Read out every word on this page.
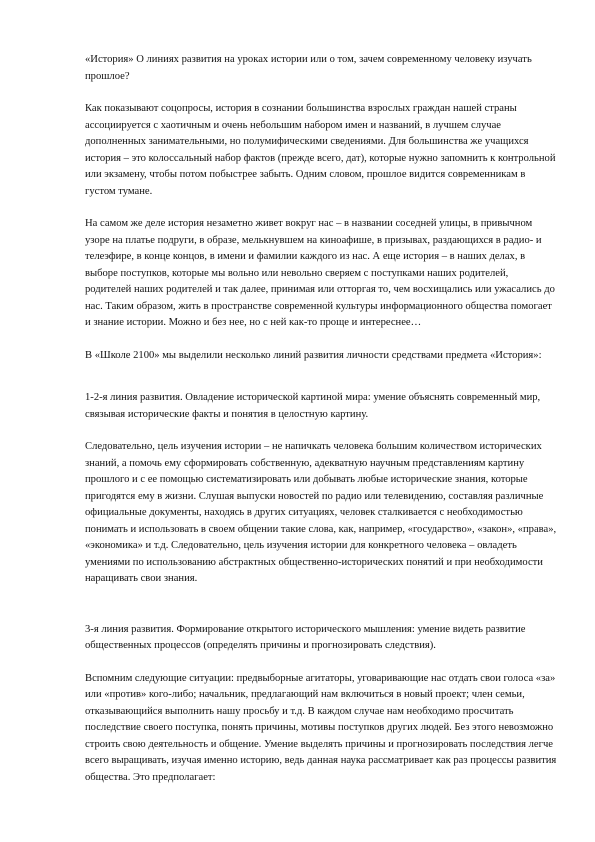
«История» О линиях развития на уроках истории или о том, зачем современному человеку изучать прошлое?

Как показывают соцопросы, история в сознании большинства взрослых граждан нашей страны ассоциируется с хаотичным и очень небольшим набором имен и названий, в лучшем случае дополненных занимательными, но полумифическими сведениями. Для большинства же учащихся история – это колоссальный набор фактов (прежде всего, дат), которые нужно запомнить к контрольной или экзамену, чтобы потом побыстрее забыть. Одним словом, прошлое видится современникам в густом тумане.

На самом же деле история незаметно живет вокруг нас – в названии соседней улицы, в привычном узоре на платье подруги, в образе, мелькнувшем на кинoафише, в призывах, раздающихся в радио- и телеэфире, в конце концов, в имени и фамилии каждого из нас. А еще история – в наших делах, в выборе поступков, которые мы вольно или невольно сверяем с поступками наших родителей, родителей наших родителей и так далее, принимая или отторгая то, чем восхищались или ужасались до нас. Таким образом, жить в пространстве современной культуры информационного общества помогает и знание истории. Можно и без нее, но с ней как-то проще и интереснее…

В «Школе 2100» мы выделили несколько линий развития личности средствами предмета «История»:

1-2-я линия развития. Овладение исторической картиной мира: умение объяснять современный мир, связывая исторические факты и понятия в целостную картину.

Следовательно, цель изучения истории – не напичкать человека большим количеством исторических знаний, а помочь ему сформировать собственную, адекватную научным представлениям картину прошлого и с ее помощью систематизировать или добывать любые исторические знания, которые пригодятся ему в жизни. Слушая выпуски новостей по радио или телевидению, составляя различные официальные документы, находясь в других ситуациях, человек сталкивается с необходимостью понимать и использовать в своем общении такие слова, как, например, «государство», «закон», «права», «экономика» и т.д. Следовательно, цель изучения истории для конкретного человека – овладеть умениями по использованию абстрактных общественно-исторических понятий и при необходимости наращивать свои знания.

3-я линия развития. Формирование открытого исторического мышления: умение видеть развитие общественных процессов (определять причины и прогнозировать следствия).

Вспомним следующие ситуации: предвыборные агитаторы, уговаривающие нас отдать свои голоса «за» или «против» кого-либо; начальник, предлагающий нам включиться в новый проект; член семьи, отказывающийся выполнить нашу просьбу и т.д. В каждом случае нам необходимо просчитать последствие своего поступка, понять причины, мотивы поступков других людей. Без этого невозможно строить свою деятельность и общение. Умение выделять причины и прогнозировать последствия легче всего выращивать, изучая именно историю, ведь данная наука рассматривает как раз процессы развития общества. Это предполагает:
